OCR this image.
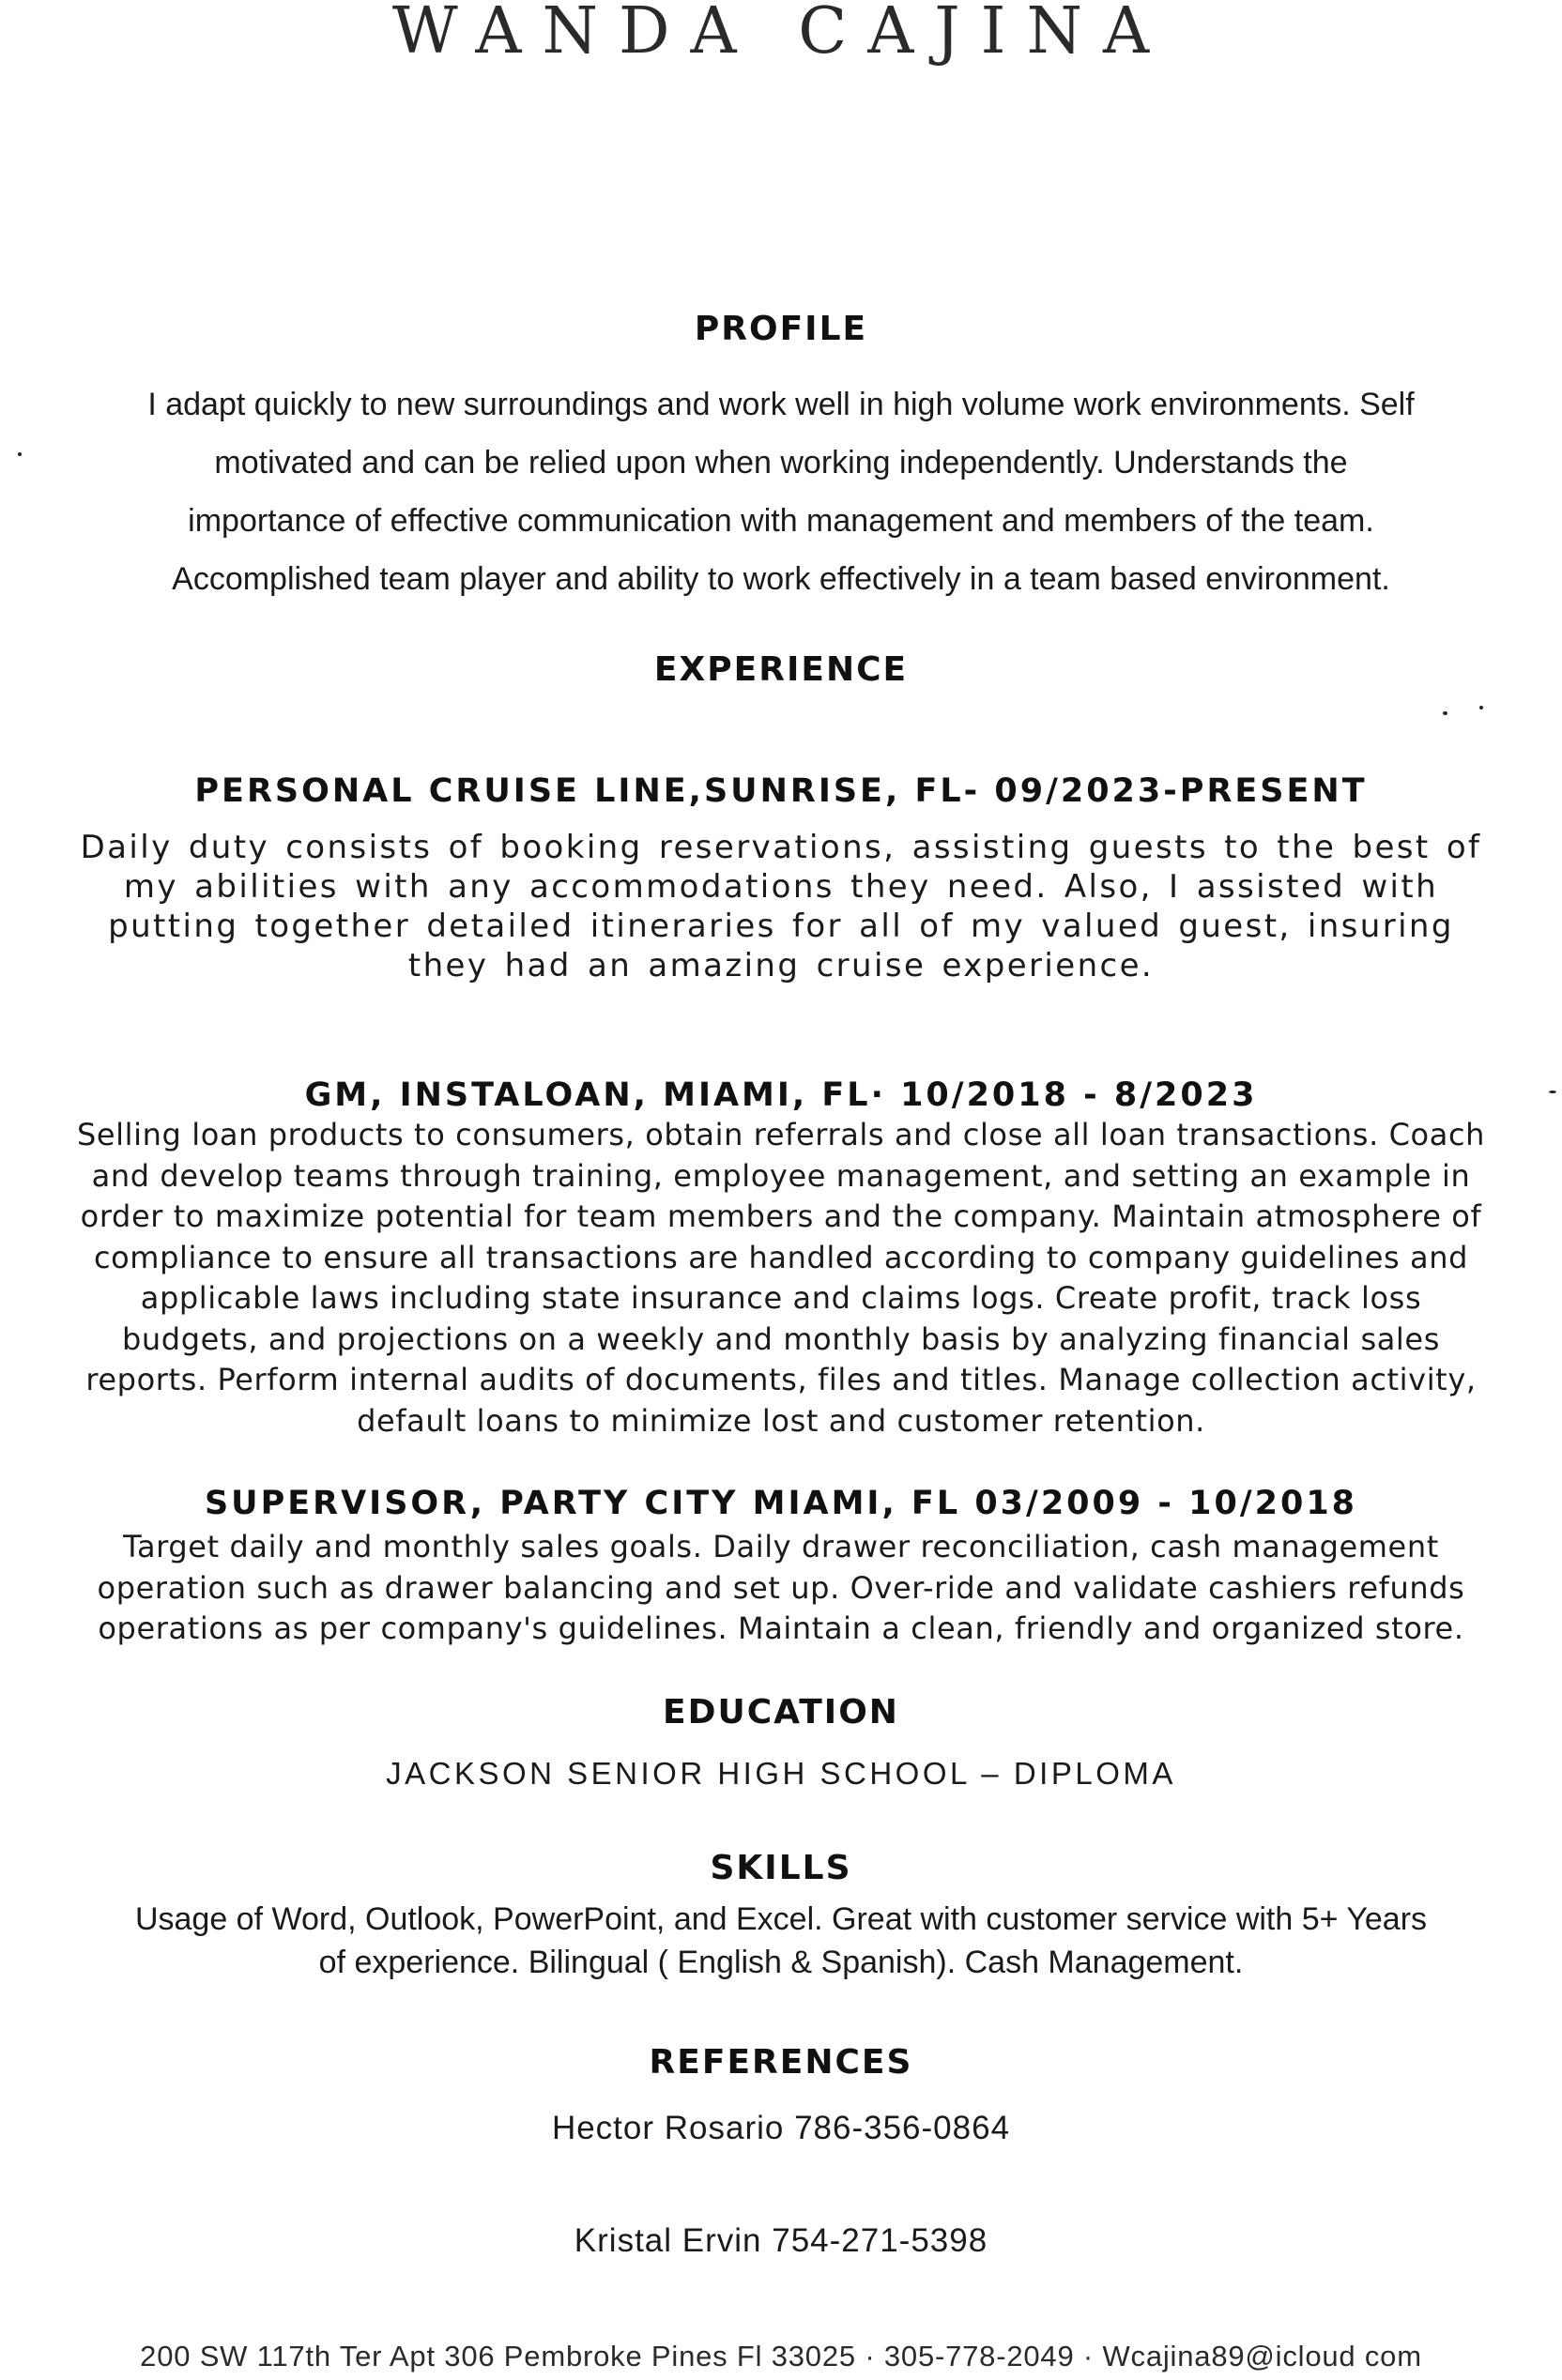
WANDA CAJINA
PROFILE
I adapt quickly to new surroundings and work well in high volume work environments. Self
motivated and can be relied upon when working independently. Understands the
importance of effective communication with management and members of the team.
Accomplished team player and ability to work effectively in a team based environment.
EXPERIENCE
PERSONAL CRUISE LINE,SUNRISE, FL- 09/2023-PRESENT
Daily duty consists of booking reservations, assisting guests to the best of
my abilities with any accommodations they need. Also, I assisted with
putting together detailed itineraries for all of my valued guest, insuring
they had an amazing cruise experience.
GM, INSTALOAN, MIAMI, FL· 10/2018 - 8/2023
Selling loan products to consumers, obtain referrals and close all loan transactions. Coach
and develop teams through training, employee management, and setting an example in
order to maximize potential for team members and the company. Maintain atmosphere of
compliance to ensure all transactions are handled according to company guidelines and
applicable laws including state insurance and claims logs. Create profit, track loss
budgets, and projections on a weekly and monthly basis by analyzing financial sales
reports. Perform internal audits of documents, files and titles. Manage collection activity,
default loans to minimize lost and customer retention.
SUPERVISOR, PARTY CITY MIAMI, FL 03/2009 - 10/2018
Target daily and monthly sales goals. Daily drawer reconciliation, cash management
operation such as drawer balancing and set up. Over-ride and validate cashiers refunds
operations as per company's guidelines. Maintain a clean, friendly and organized store.
EDUCATION
JACKSON SENIOR HIGH SCHOOL – DIPLOMA
SKILLS
Usage of Word, Outlook, PowerPoint, and Excel. Great with customer service with 5+ Years
of experience. Bilingual ( English & Spanish). Cash Management.
REFERENCES
Hector Rosario 786-356-0864
Kristal Ervin 754-271-5398
200 SW 117th Ter Apt 306 Pembroke Pines Fl 33025 · 305-778-2049 · Wcajina89@icloud com
